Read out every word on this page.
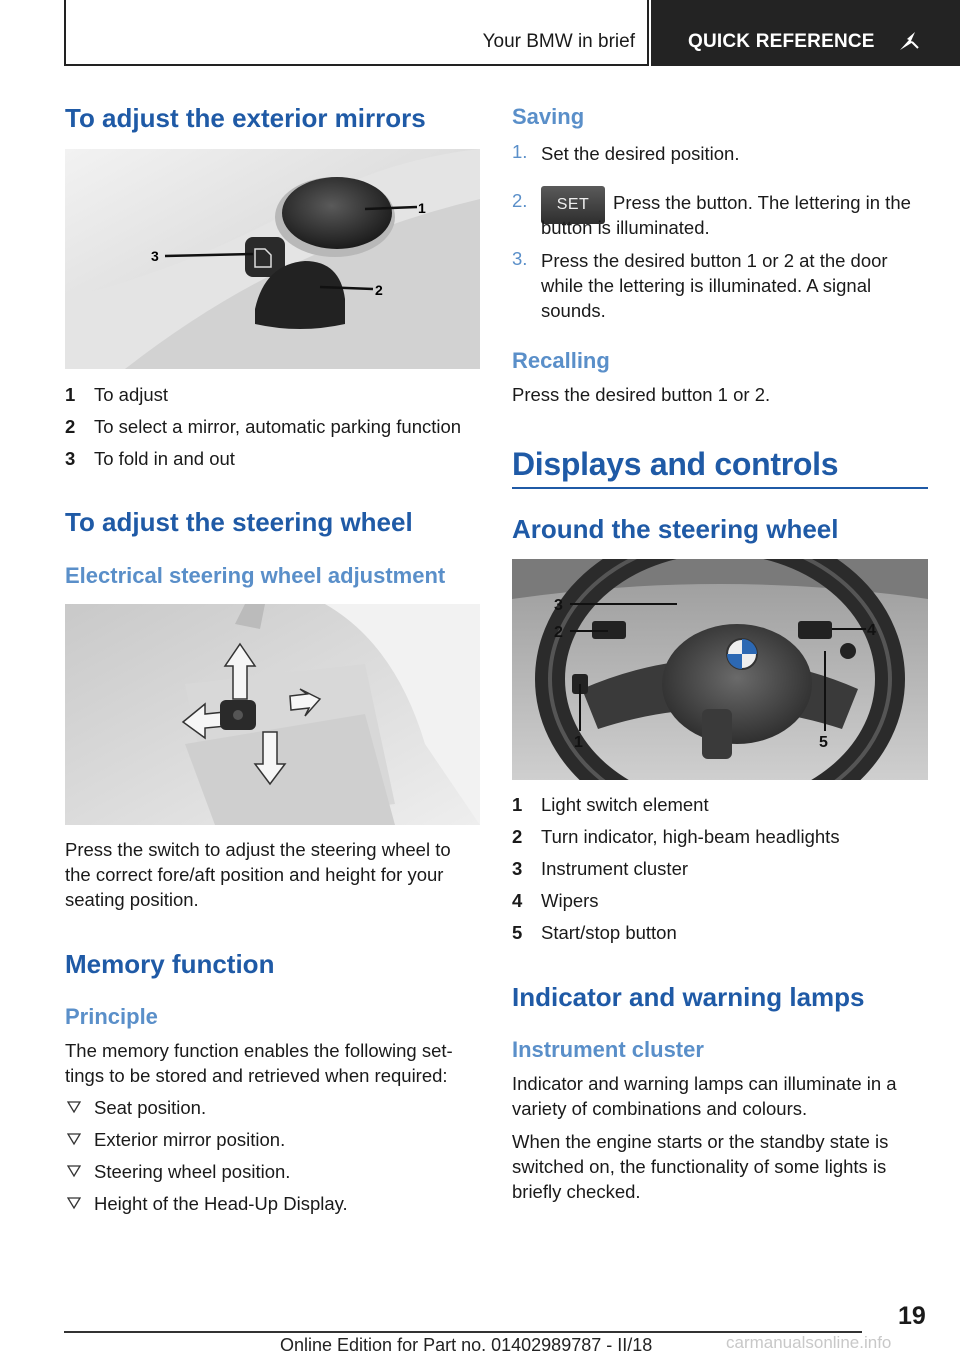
Your BMW in brief	QUICK REFERENCE
To adjust the exterior mirrors
1
2
3
1 To adjust
2 To select a mirror, automatic parking function
3 To fold in and out
To adjust the steering wheel
Electrical steering wheel adjustment
Press the switch to adjust the steering wheel to the correct fore/aft position and height for your seating position.
Memory function
Principle
The memory function enables the following set-tings to be stored and retrieved when required:
Seat position.
Exterior mirror position.
Steering wheel position.
Height of the Head-Up Display.
Saving
1. Set the desired position.
2.	SET	Press the button. The lettering in the button is illuminated.
3. Press the desired button 1 or 2 at the door while the lettering is illuminated. A signal sounds.
Recalling
Press the desired button 1 or 2.
Displays and controls
Around the steering wheel
3
2	4
1	5
1 Light switch element
2 Turn indicator, high-beam headlights
3 Instrument cluster
4 Wipers
5 Start/stop button
Indicator and warning lamps
Instrument cluster
Indicator and warning lamps can illuminate in a variety of combinations and colours.
When the engine starts or the standby state is switched on, the functionality of some lights is briefly checked.
19
Online Edition for Part no. 01402989787 - II/18	carmanualsonline.info
